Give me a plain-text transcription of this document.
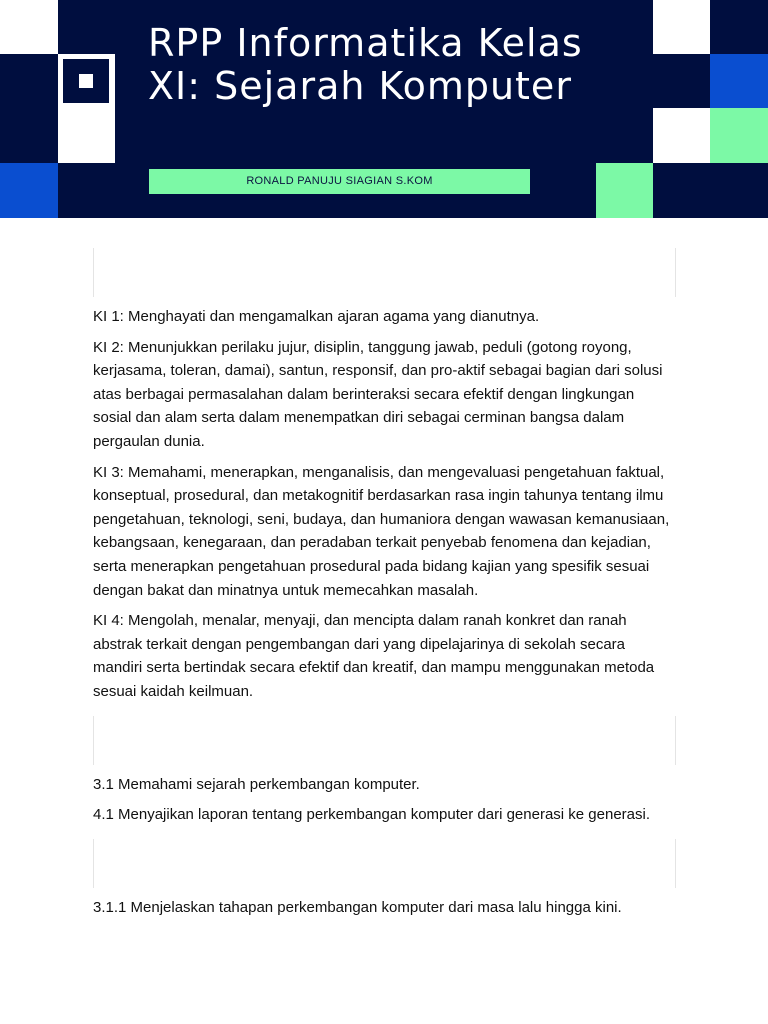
RPP Informatika Kelas XI: Sejarah Komputer
RONALD PANUJU SIAGIAN S.KOM

KI 1: Menghayati dan mengamalkan ajaran agama yang dianutnya.

KI 2: Menunjukkan perilaku jujur, disiplin, tanggung jawab, peduli (gotong royong, kerjasama, toleran, damai), santun, responsif, dan pro-aktif sebagai bagian dari solusi atas berbagai permasalahan dalam berinteraksi secara efektif dengan lingkungan sosial dan alam serta dalam menempatkan diri sebagai cerminan bangsa dalam pergaulan dunia.

KI 3: Memahami, menerapkan, menganalisis, dan mengevaluasi pengetahuan faktual, konseptual, prosedural, dan metakognitif berdasarkan rasa ingin tahunya tentang ilmu pengetahuan, teknologi, seni, budaya, dan humaniora dengan wawasan kemanusiaan, kebangsaan, kenegaraan, dan peradaban terkait penyebab fenomena dan kejadian, serta menerapkan pengetahuan prosedural pada bidang kajian yang spesifik sesuai dengan bakat dan minatnya untuk memecahkan masalah.

KI 4: Mengolah, menalar, menyaji, dan mencipta dalam ranah konkret dan ranah abstrak terkait dengan pengembangan dari yang dipelajarinya di sekolah secara mandiri serta bertindak secara efektif dan kreatif, dan mampu menggunakan metoda sesuai kaidah keilmuan.

3.1 Memahami sejarah perkembangan komputer.

4.1 Menyajikan laporan tentang perkembangan komputer dari generasi ke generasi.

3.1.1 Menjelaskan tahapan perkembangan komputer dari masa lalu hingga kini.
